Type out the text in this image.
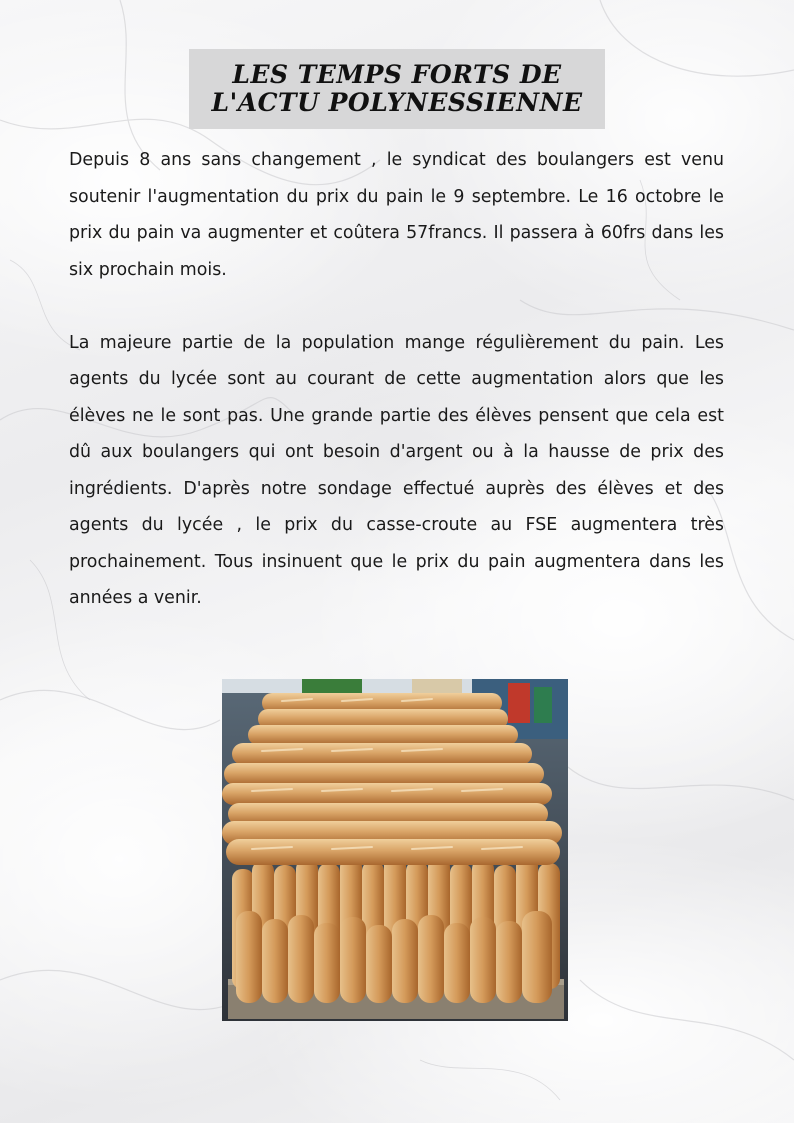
LES TEMPS FORTS DE
L'ACTU POLYNESSIENNE

Depuis 8 ans sans changement , le syndicat des boulangers est venu soutenir l'augmentation du prix du pain le 9 septembre. Le 16 octobre le prix du pain va augmenter et coûtera 57francs. Il passera à 60frs dans les six prochain mois.

La majeure partie de la population mange régulièrement du pain. Les agents du lycée sont au courant de cette augmentation alors que les élèves ne le sont pas. Une grande partie des élèves pensent que cela est dû aux boulangers qui ont besoin d'argent ou à la hausse de prix des ingrédients. D'après notre sondage effectué auprès des élèves et des agents du lycée , le prix du casse-croute au FSE augmentera très prochainement. Tous insinuent que le prix du pain augmentera dans les années a venir.
